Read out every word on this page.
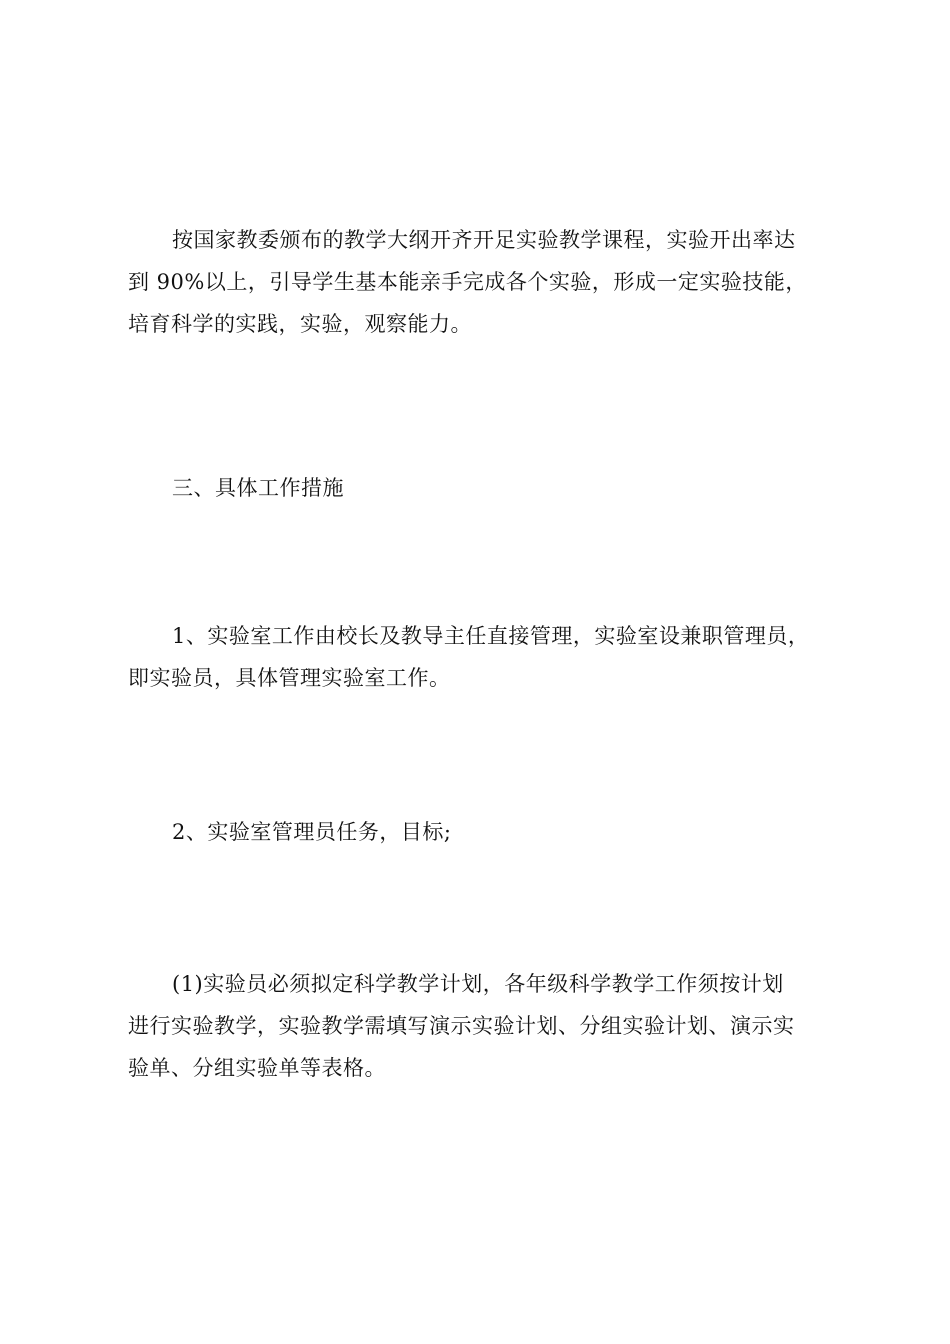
按国家教委颁布的教学大纲开齐开足实验教学课程，实验开出率达
到 90%以上，引导学生基本能亲手完成各个实验，形成一定实验技能，
培育科学的实践，实验，观察能力。
三、具体工作措施
1、实验室工作由校长及教导主任直接管理，实验室设兼职管理员，
即实验员，具体管理实验室工作。
2、实验室管理员任务，目标;
(1)实验员必须拟定科学教学计划，各年级科学教学工作须按计划
进行实验教学，实验教学需填写演示实验计划、分组实验计划、演示实
验单、分组实验单等表格。
